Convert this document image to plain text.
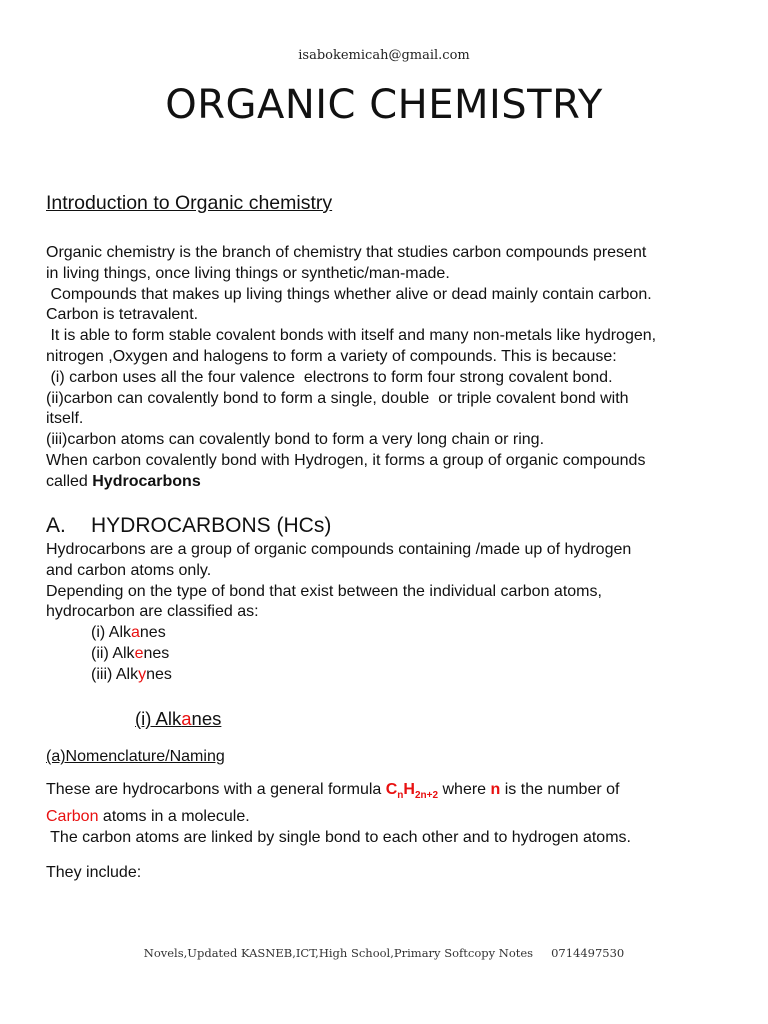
isabokemicah@gmail.com
ORGANIC CHEMISTRY
Introduction to Organic chemistry
Organic chemistry is the branch of chemistry that studies carbon compounds present
in living things, once living things or synthetic/man-made.
Compounds that makes up living things whether alive or dead mainly contain carbon.
Carbon is tetravalent.
It is able to form stable covalent bonds with itself and many non-metals like hydrogen,
nitrogen ,Oxygen and halogens to form a variety of compounds. This is because:
(i) carbon uses all the four valence  electrons to form four strong covalent bond.
(ii)carbon can covalently bond to form a single, double  or triple covalent bond with
itself.
(iii)carbon atoms can covalently bond to form a very long chain or ring.
When carbon covalently bond with Hydrogen, it forms a group of organic compounds
called Hydrocarbons
A. HYDROCARBONS (HCs)
Hydrocarbons are a group of organic compounds containing /made up of hydrogen
and carbon atoms only.
Depending on the type of bond that exist between the individual carbon atoms,
hydrocarbon are classified as:
(i) Alkanes
(ii) Alkenes
(iii) Alkynes
(i) Alkanes
(a)Nomenclature/Naming
These are hydrocarbons with a general formula $C_nH_{2n+2}$ where n is the number of
Carbon atoms in a molecule.
The carbon atoms are linked by single bond to each other and to hydrogen atoms.
They include:
Novels,Updated KASNEB,ICT,High School,Primary Softcopy Notes 0714497530
